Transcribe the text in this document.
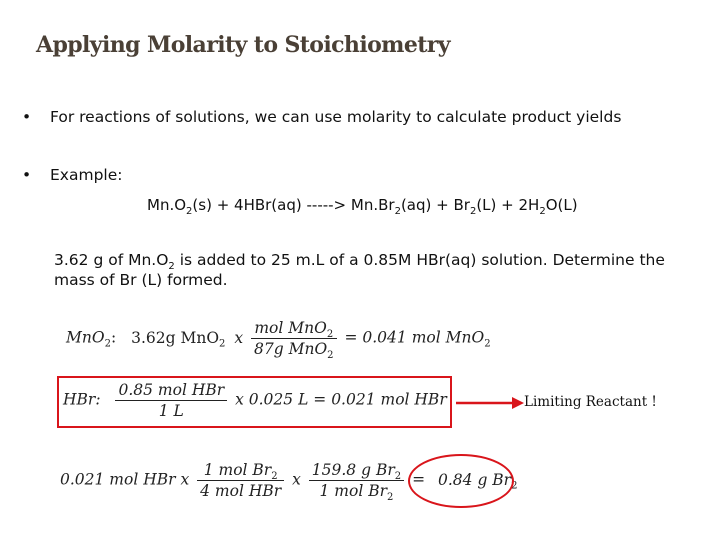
Applying Molarity to Stoichiometry
• For reactions of solutions, we can use molarity to calculate product yields
• Example:
$Mn.O_2(s) + 4HBr(aq)$ -----> $Mn.Br_2(aq) + Br_2(L) + 2H_2O(L)$
3.62 g of $Mn.O_2$ is added to 25 m.L of a 0.85M HBr(aq) solution. Determine the mass of Br (L) formed.
MnO$_2$: 3.62g MnO$_2$ x $\frac{mol MnO_2}{87g MnO_2} = 0.041$ mol MnO$_2$
HBr: $\frac{\text{0.85 mol HBr}}{1 L}$ x 0.025 L = 0.021 mol HBr	Limiting Reactant !
0.021 mol HBr x $\frac{1 mol Br_2}{\text{4 mol HBr}}$ x $\frac{159.8 g Br_2}{1 mol Br_2} = 0.84$ g $Br_2$
